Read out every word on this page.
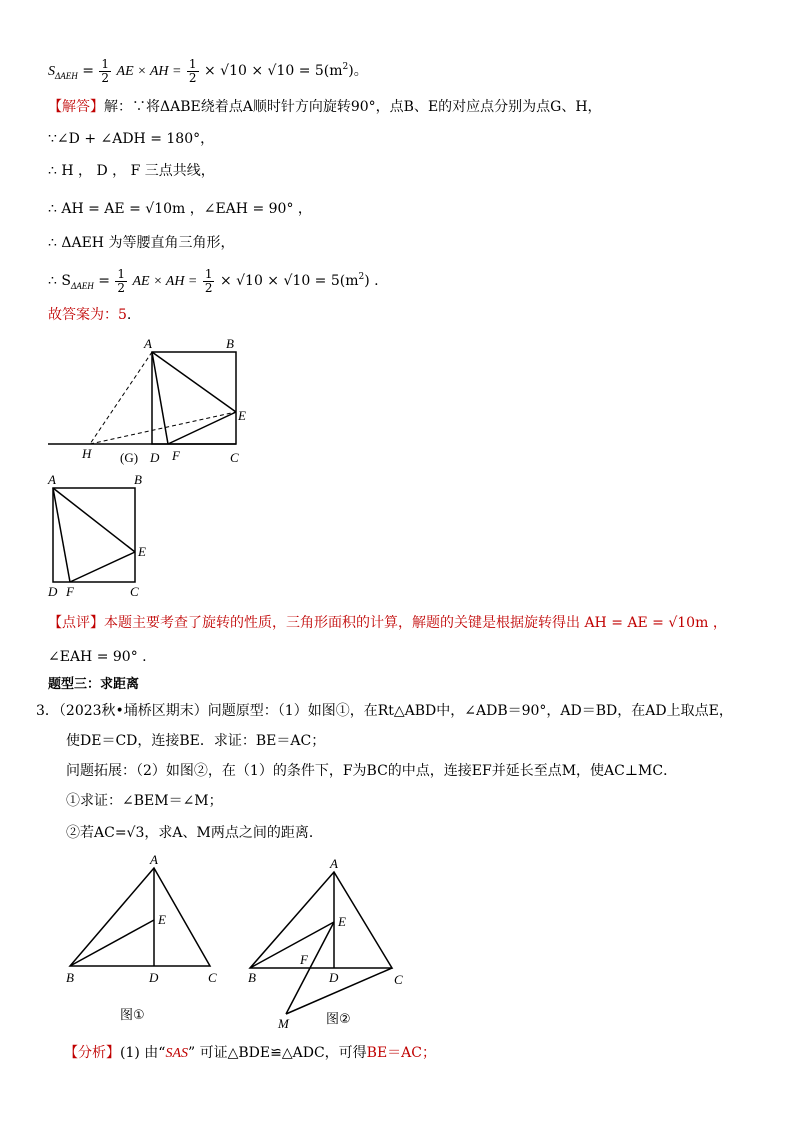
$S_{\Delta AEH} = \frac{1}{2}$ AE × AH = $\frac{1}{2} \times √10 \times √10 = 5(m^2)$。
【解答】解：∵将ΔABE绕着点A顺时针方向旋转90°，点B、E的对应点分别为点G、H，
∵∠D + ∠ADH = 180°，
∴ H ， D ， F 三点共线，
∴ AH = AE = √10m ，∠EAH = 90° ，
∴ ΔAEH 为等腰直角三角形，
∴ $S_{\Delta AEH} = \frac{1}{2}$ AE × AH = $\frac{1}{2} \times √10 \times √10 = 5(m^2)$ .
故答案为：5.
A	B
E
H (G) D F	C
A	B
E
D F	C
【点评】本题主要考查了旋转的性质，三角形面积的计算，解题的关键是根据旋转得出 AH = AE = √10m ，
∠EAH = 90° .
题型三：求距离
3．（2023秋•埇桥区期末）问题原型：（1）如图①，在Rt△ABD中，∠ADB＝90°，AD＝BD，在AD上取点E，
使DE＝CD，连接BE．求证：BE＝AC；
问题拓展：（2）如图②，在（1）的条件下，F为BC的中点，连接EF并延长至点M，使AC⊥MC．
①求证：∠BEM＝∠M；
②若AC=√3，求A、M两点之间的距离．
A
E
B	D	C
图①
A
E
F
B	D	C
M	图②
【分析】(1) 由“SAS” 可证△BDE≌△ADC，可得BE＝AC；
